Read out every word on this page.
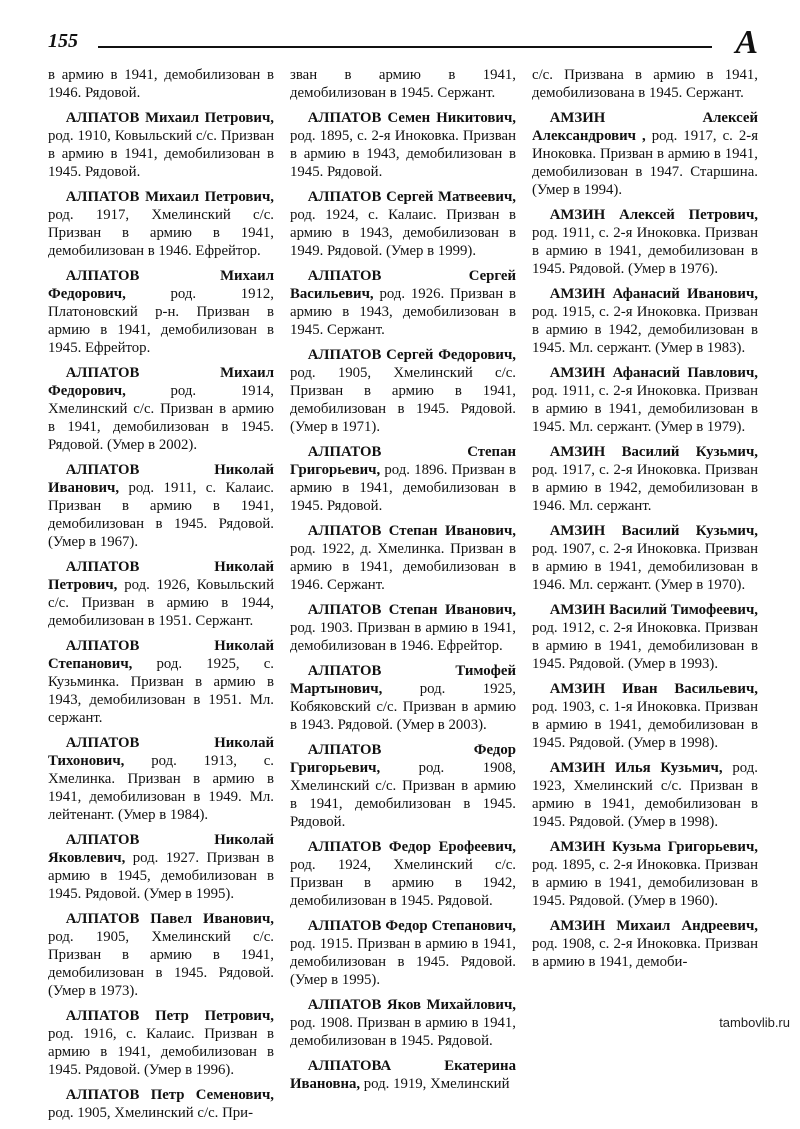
155	А

в армию в 1941, демобилизован в 1946. Рядовой.

АЛПАТОВ Михаил Петрович, род. 1910, Ковыльский с/с. Призван в армию в 1941, демобилизован в 1945. Рядовой.

АЛПАТОВ Михаил Петрович, род. 1917, Хмелинский с/с. Призван в армию в 1941, демобилизован в 1946. Ефрейтор.

АЛПАТОВ Михаил Федорович, род. 1912, Платоновский р-н. Призван в армию в 1941, демобилизован в 1945. Ефрейтор.

АЛПАТОВ Михаил Федорович, род. 1914, Хмелинский с/с. Призван в армию в 1941, демобилизован в 1945. Рядовой. (Умер в 2002).

АЛПАТОВ Николай Иванович, род. 1911, с. Калаис. Призван в армию в 1941, демобилизован в 1945. Рядовой. (Умер в 1967).

АЛПАТОВ Николай Петрович, род. 1926, Ковыльский с/с. Призван в армию в 1944, демобилизован в 1951. Сержант.

АЛПАТОВ Николай Степанович, род. 1925, с. Кузьминка. Призван в армию в 1943, демобилизован в 1951. Мл. сержант.

АЛПАТОВ Николай Тихонович, род. 1913, с. Хмелинка. Призван в армию в 1941, демобилизован в 1949. Мл. лейтенант. (Умер в 1984).

АЛПАТОВ Николай Яковлевич, род. 1927. Призван в армию в 1945, демобилизован в 1945. Рядовой. (Умер в 1995).

АЛПАТОВ Павел Иванович, род. 1905, Хмелинский с/с. Призван в армию в 1941, демобилизован в 1945. Рядовой. (Умер в 1973).

АЛПАТОВ Петр Петрович, род. 1916, с. Калаис. Призван в армию в 1941, демобилизован в 1945. Рядовой. (Умер в 1996).

АЛПАТОВ Петр Семенович, род. 1905, Хмелинский с/с. При-

зван в армию в 1941, демобилизован в 1945. Сержант.

АЛПАТОВ Семен Никитович, род. 1895, с. 2-я Иноковка. Призван в армию в 1943, демобилизован в 1945. Рядовой.

АЛПАТОВ Сергей Матвеевич, род. 1924, с. Калаис. Призван в армию в 1943, демобилизован в 1949. Рядовой. (Умер в 1999).

АЛПАТОВ Сергей Васильевич, род. 1926. Призван в армию в 1943, демобилизован в 1945. Сержант.

АЛПАТОВ Сергей Федорович, род. 1905, Хмелинский с/с. Призван в армию в 1941, демобилизован в 1945. Рядовой. (Умер в 1971).

АЛПАТОВ Степан Григорьевич, род. 1896. Призван в армию в 1941, демобилизован в 1945. Рядовой.

АЛПАТОВ Степан Иванович, род. 1922, д. Хмелинка. Призван в армию в 1941, демобилизован в 1946. Сержант.

АЛПАТОВ Степан Иванович, род. 1903. Призван в армию в 1941, демобилизован в 1946. Ефрейтор.

АЛПАТОВ Тимофей Мартынович, род. 1925, Кобяковский с/с. Призван в армию в 1943. Рядовой. (Умер в 2003).

АЛПАТОВ Федор Григорьевич, род. 1908, Хмелинский с/с. Призван в армию в 1941, демобилизован в 1945. Рядовой.

АЛПАТОВ Федор Ерофеевич, род. 1924, Хмелинский с/с. Призван в армию в 1942, демобилизован в 1945. Рядовой.

АЛПАТОВ Федор Степанович, род. 1915. Призван в армию в 1941, демобилизован в 1945. Рядовой. (Умер в 1995).

АЛПАТОВ Яков Михайлович, род. 1908. Призван в армию в 1941, демобилизован в 1945. Рядовой.

АЛПАТОВА Екатерина Ивановна, род. 1919, Хмелинский

с/с. Призвана в армию в 1941, демобилизована в 1945. Сержант.

АМЗИН Алексей Александрович , род. 1917, с. 2-я Иноковка. Призван в армию в 1941, демобилизован в 1947. Старшина. (Умер в 1994).

АМЗИН Алексей Петрович, род. 1911, с. 2-я Иноковка. Призван в армию в 1941, демобилизован в 1945. Рядовой. (Умер в 1976).

АМЗИН Афанасий Иванович, род. 1915, с. 2-я Иноковка. Призван в армию в 1942, демобилизован в 1945. Мл. сержант. (Умер в 1983).

АМЗИН Афанасий Павлович, род. 1911, с. 2-я Иноковка. Призван в армию в 1941, демобилизован в 1945. Мл. сержант. (Умер в 1979).

АМЗИН Василий Кузьмич, род. 1917, с. 2-я Иноковка. Призван в армию в 1942, демобилизован в 1946. Мл. сержант.

АМЗИН Василий Кузьмич, род. 1907, с. 2-я Иноковка. Призван в армию в 1941, демобилизован в 1946. Мл. сержант. (Умер в 1970).

АМЗИН Василий Тимофеевич, род. 1912, с. 2-я Иноковка. Призван в армию в 1941, демобилизован в 1945. Рядовой. (Умер в 1993).

АМЗИН Иван Васильевич, род. 1903, с. 1-я Иноковка. Призван в армию в 1941, демобилизован в 1945. Рядовой. (Умер в 1998).

АМЗИН Илья Кузьмич, род. 1923, Хмелинский с/с. Призван в армию в 1941, демобилизован в 1945. Рядовой. (Умер в 1998).

АМЗИН Кузьма Григорьевич, род. 1895, с. 2-я Иноковка. Призван в армию в 1941, демобилизован в 1945. Рядовой. (Умер в 1960).

АМЗИН Михаил Андреевич, род. 1908, с. 2-я Иноковка. Призван в армию в 1941, демоби-

tambovlib.ru
